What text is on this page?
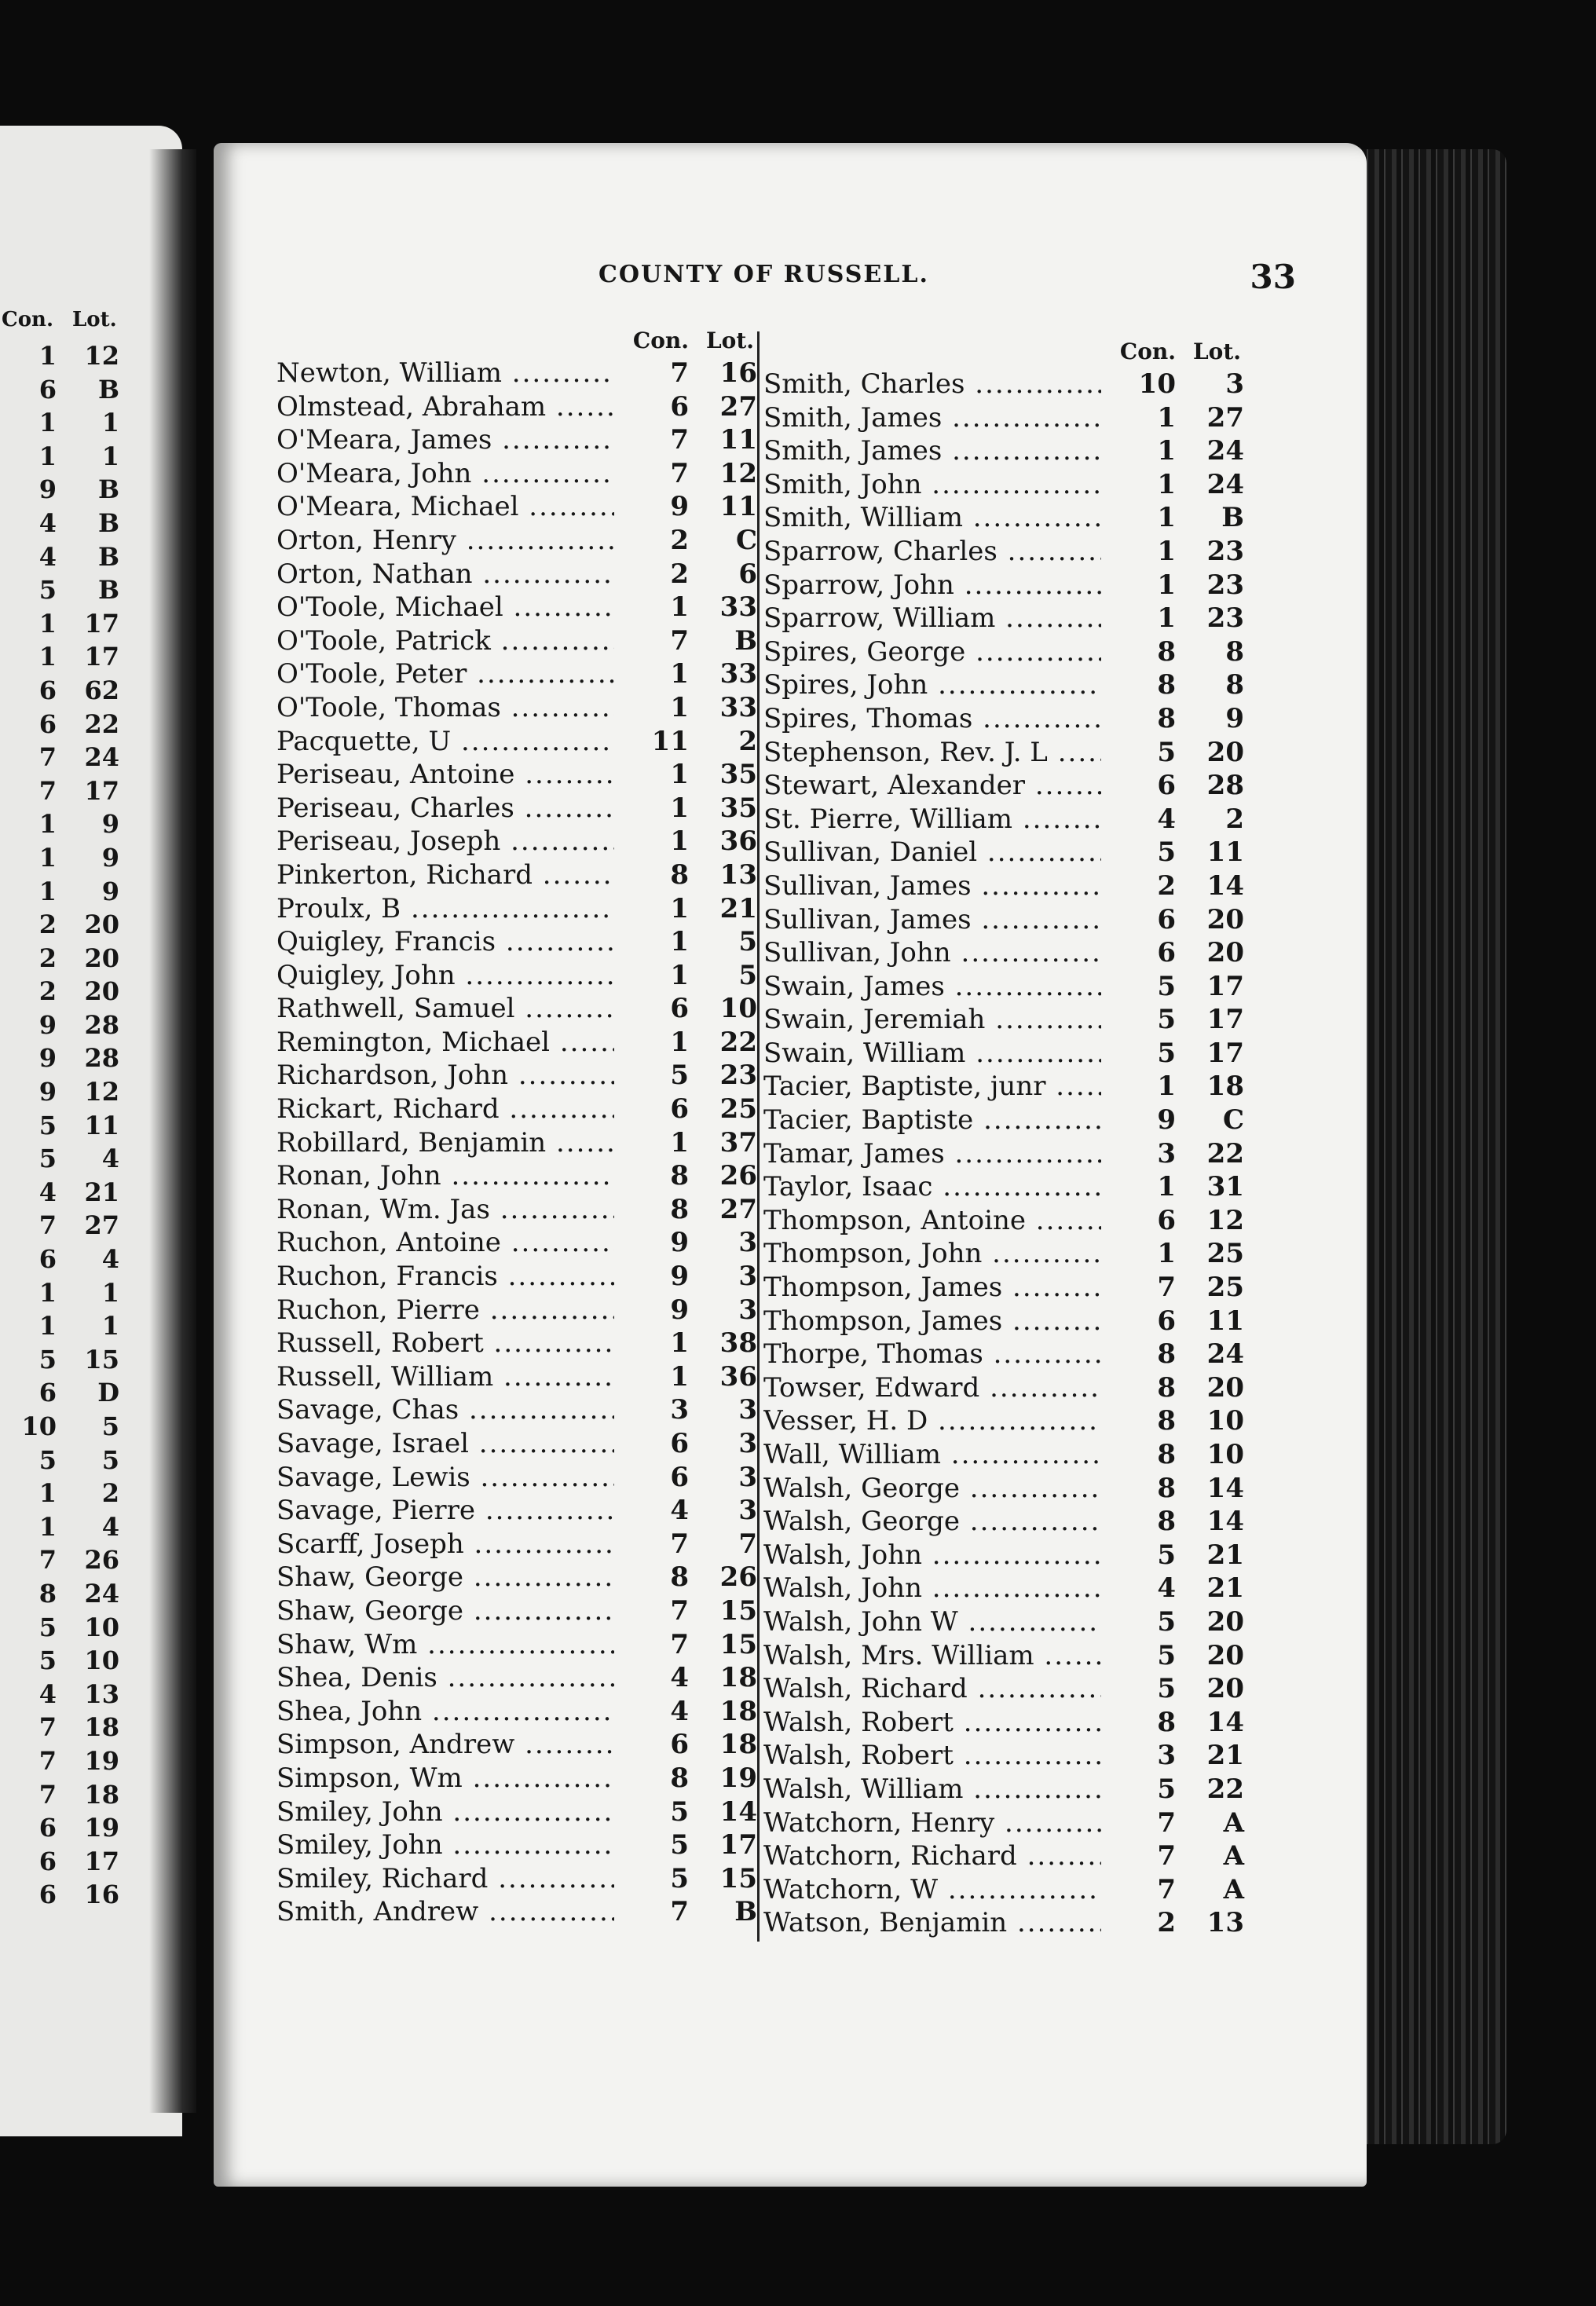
Con. Lot.
1	12
6	B
1	1
1	1
9	B
4	B
4	B
5	B
1	17
1	17
6	62
6	22
7	24
7	17
1	9
1	9
1	9
2	20
2	20
2	20
9	28
9	28
9	12
5	11
5	4
4	21
7	27
6	4
1	1
1	1
5	15
6	D
10	5
5	5
1	2
1	4
7	26
8	24
5	10
5	10
4	13
7	18
7	19
7	18
6	19
6	17
6	16
COUNTY OF RUSSELL.	33
Con. Lot.
Newton, William .....	7	16
Olmstead, Abraham .....	6	27
O'Meara, James .....	7	11
O'Meara, John .....	7	12
O'Meara, Michael .....	9	11
Orton, Henry .....	2	C
Orton, Nathan .....	2	6
O'Toole, Michael .....	1	33
O'Toole, Patrick .....	7	B
O'Toole, Peter .....	1	33
O'Toole, Thomas .....	1	33
Pacquette, U .....	11	2
Periseau, Antoine .....	1	35
Periseau, Charles .....	1	35
Periseau, Joseph .....	1	36
Pinkerton, Richard .....	8	13
Proulx, B .....	1	21
Quigley, Francis .....	1	5
Quigley, John .....	1	5
Rathwell, Samuel .....	6	10
Remington, Michael .....	1	22
Richardson, John .....	5	23
Rickart, Richard .....	6	25
Robillard, Benjamin .....	1	37
Ronan, John .....	8	26
Ronan, Wm. Jas .....	8	27
Ruchon, Antoine .....	9	3
Ruchon, Francis .....	9	3
Ruchon, Pierre .....	9	3
Russell, Robert .....	1	38
Russell, William .....	1	36
Savage, Chas .....	3	3
Savage, Israel .....	6	3
Savage, Lewis .....	6	3
Savage, Pierre .....	4	3
Scarff, Joseph .....	7	7
Shaw, George .....	8	26
Shaw, George .....	7	15
Shaw, Wm .....	7	15
Shea, Denis .....	4	18
Shea, John .....	4	18
Simpson, Andrew .....	6	18
Simpson, Wm .....	8	19
Smiley, John .....	5	14
Smiley, John .....	5	17
Smiley, Richard .....	5	15
Smith, Andrew .....	7	B
Con. Lot.
Smith, Charles .....	10	3
Smith, James .....	1	27
Smith, James .....	1	24
Smith, John .....	1	24
Smith, William .....	1	B
Sparrow, Charles .....	1	23
Sparrow, John .....	1	23
Sparrow, William .....	1	23
Spires, George .....	8	8
Spires, John .....	8	8
Spires, Thomas .....	8	9
Stephenson, Rev. J. L .....	5	20
Stewart, Alexander .....	6	28
St. Pierre, William .....	4	2
Sullivan, Daniel .....	5	11
Sullivan, James .....	2	14
Sullivan, James .....	6	20
Sullivan, John .....	6	20
Swain, James .....	5	17
Swain, Jeremiah .....	5	17
Swain, William .....	5	17
Tacier, Baptiste, junr .....	1	18
Tacier, Baptiste .....	9	C
Tamar, James .....	3	22
Taylor, Isaac .....	1	31
Thompson, Antoine .....	6	12
Thompson, John .....	1	25
Thompson, James .....	7	25
Thompson, James .....	6	11
Thorpe, Thomas .....	8	24
Towser, Edward .....	8	20
Vesser, H. D .....	8	10
Wall, William .....	8	10
Walsh, George .....	8	14
Walsh, George .....	8	14
Walsh, John .....	5	21
Walsh, John .....	4	21
Walsh, John W .....	5	20
Walsh, Mrs. William .....	5	20
Walsh, Richard .....	5	20
Walsh, Robert .....	8	14
Walsh, Robert .....	3	21
Walsh, William .....	5	22
Watchorn, Henry .....	7	A
Watchorn, Richard .....	7	A
Watchorn, W .....	7	A
Watson, Benjamin .....	2	13
